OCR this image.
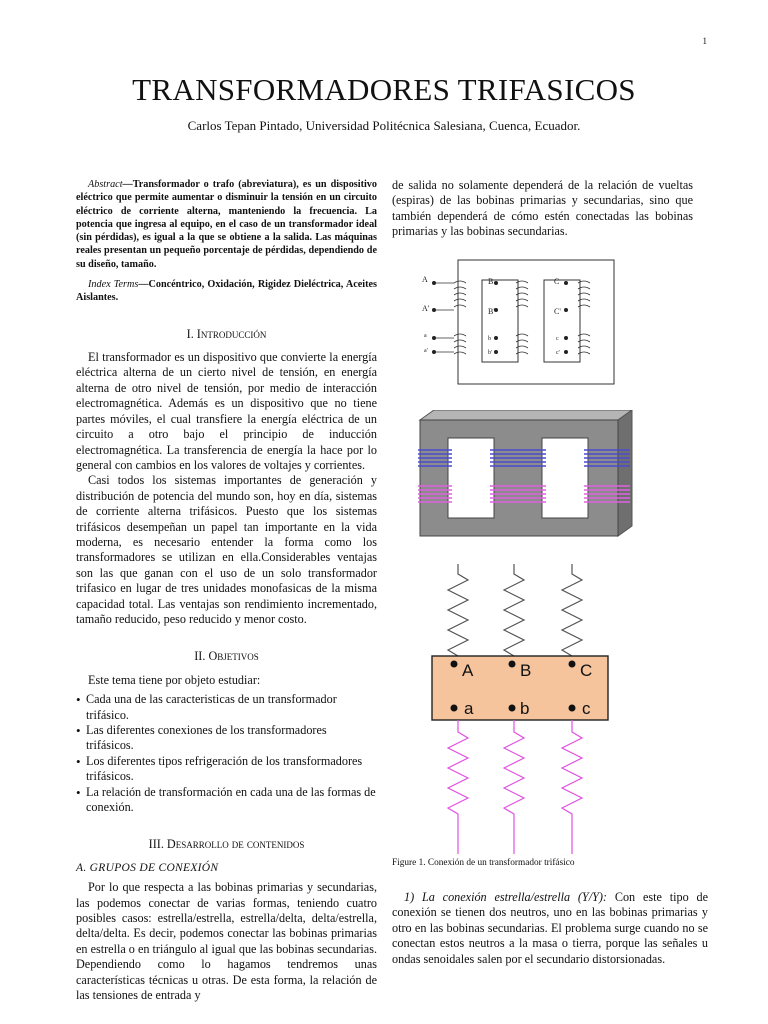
1
TRANSFORMADORES TRIFASICOS
Carlos Tepan Pintado, Universidad Politécnica Salesiana, Cuenca, Ecuador.
Abstract—Transformador o trafo (abreviatura), es un dispositivo eléctrico que permite aumentar o disminuir la tensión en un circuito eléctrico de corriente alterna, manteniendo la frecuencia. La potencia que ingresa al equipo, en el caso de un transformador ideal (sin pérdidas), es igual a la que se obtiene a la salida. Las máquinas reales presentan un pequeño porcentaje de pérdidas, dependiendo de su diseño, tamaño.
Index Terms—Concéntrico, Oxidación, Rigidez Dieléctrica, Aceites Aislantes.
I. Introducción

El transformador es un dispositivo que convierte la energía eléctrica alterna de un cierto nivel de tensión, en energía alterna de otro nivel de tensión, por medio de interacción electromagnética. Además es un dispositivo que no tiene partes móviles, el cual transfiere la energía eléctrica de un circuito a otro bajo el principio de inducción electromagnética. La transferencia de energía la hace por lo general con cambios en los valores de voltajes y corrientes.

Casi todos los sistemas importantes de generación y distribución de potencia del mundo son, hoy en día, sistemas de corriente alterna trifásicos. Puesto que los sistemas trifásicos desempeñan un papel tan importante en la vida moderna, es necesario entender la forma como los transformadores se utilizan en ella.Considerables ventajas son las que ganan con el uso de un solo transformador trifasico en lugar de tres unidades monofasicas de la misma capacidad total. Las ventajas son rendimiento incrementado, tamaño reducido, peso reducido y menor costo.

II. Objetivos

Este tema tiene por objeto estudiar:

• Cada una de las caracteristicas de un transformador trifásico.
• Las diferentes conexiones de los transformadores trifásicos.
• Los diferentes tipos refrigeración de los transformadores trifásicos.
• La relación de transformación en cada una de las formas de conexión.
III. Desarrollo de contenidos
A. GRUPOS DE CONEXIÓN

Por lo que respecta a las bobinas primarias y secundarias, las podemos conectar de varias formas, teniendo cuatro posibles casos: estrella/estrella, estrella/delta, delta/estrella, delta/delta. Es decir, podemos conectar las bobinas primarias en estrella o en triángulo al igual que las bobinas secundarias. Dependiendo como lo hagamos tendremos unas características técnicas u otras. De esta forma, la relación de las tensiones de entrada y

de salida no solamente dependerá de la relación de vueltas (espiras) de las bobinas primarias y secundarias, sino que también dependerá de cómo estén conectadas las bobinas primarias y las bobinas secundarias.

A
A'
a
a'
B
B'
b
b'
C
C'
c
c'
A	B	C
a	b	c
Figure 1. Conexión de un transformador trifásico
1) La conexión estrella/estrella (Y/Y): Con este tipo de conexión se tienen dos neutros, uno en las bobinas primarias y otro en las bobinas secundarias. El problema surge cuando no se conectan estos neutros a la masa o tierra, porque las señales u ondas senoidales salen por el secundario distorsionadas.
